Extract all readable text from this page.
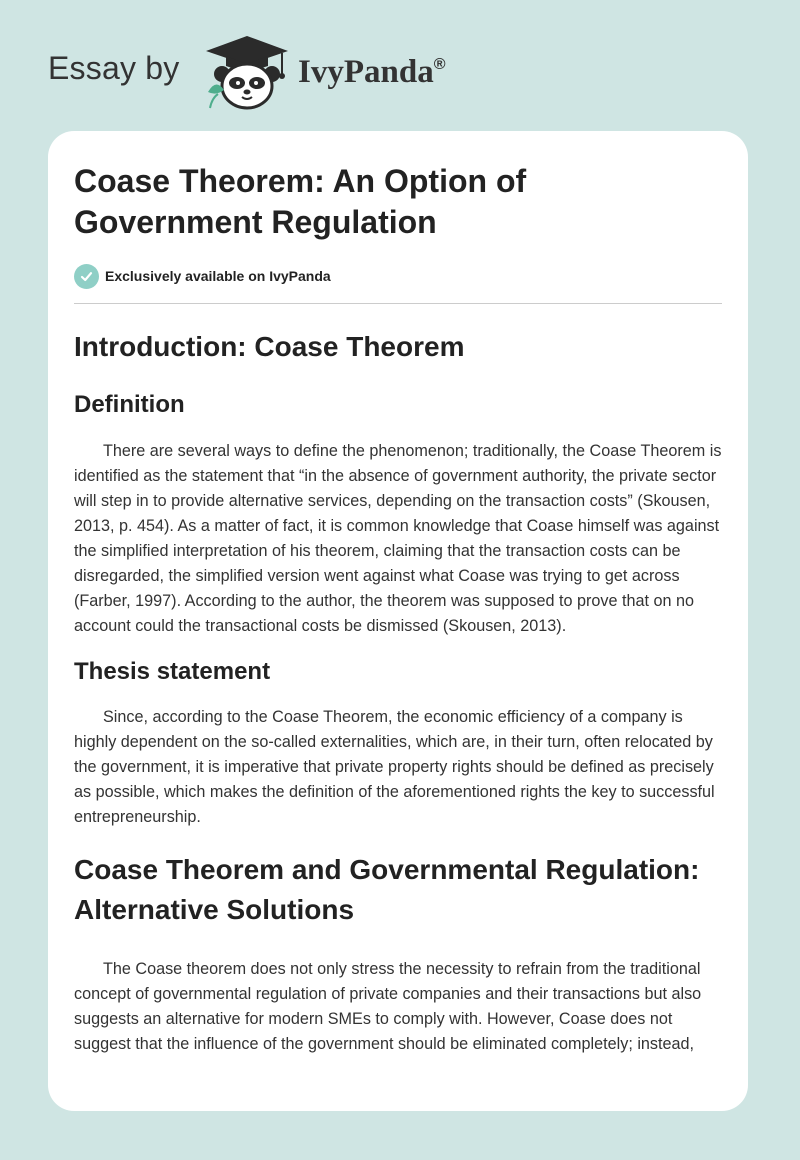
Essay by	IvyPanda®
Coase Theorem: An Option of Government Regulation
Exclusively available on IvyPanda
Introduction: Coase Theorem
Definition

There are several ways to define the phenomenon; traditionally, the Coase Theorem is identified as the statement that “in the absence of government authority, the private sector will step in to provide alternative services, depending on the transaction costs” (Skousen, 2013, p. 454). As a matter of fact, it is common knowledge that Coase himself was against the simplified interpretation of his theorem, claiming that the transaction costs can be disregarded, the simplified version went against what Coase was trying to get across (Farber, 1997). According to the author, the theorem was supposed to prove that on no account could the transactional costs be dismissed (Skousen, 2013).

Thesis statement

Since, according to the Coase Theorem, the economic efficiency of a company is highly dependent on the so-called externalities, which are, in their turn, often relocated by the government, it is imperative that private property rights should be defined as precisely as possible, which makes the definition of the aforementioned rights the key to successful entrepreneurship.

Coase Theorem and Governmental Regulation: Alternative Solutions

The Coase theorem does not only stress the necessity to refrain from the traditional concept of governmental regulation of private companies and their transactions but also suggests an alternative for modern SMEs to comply with. However, Coase does not suggest that the influence of the government should be eliminated completely; instead,
